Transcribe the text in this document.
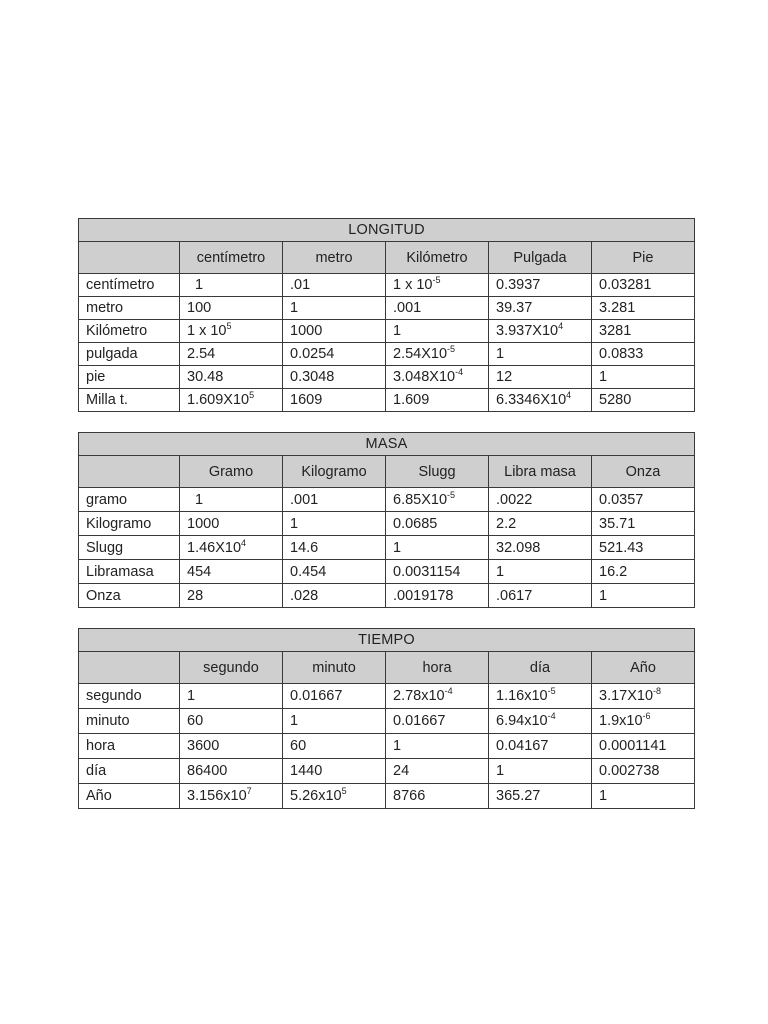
LONGITUD					
	centímetro	metro	Kilómetro	Pulgada	Pie
centímetro	1	.01	1 x $10^{-5}$	0.3937	0.03281
metro	100	1	.001	39.37	3.281
Kilómetro	1 x $10^5$	1000	1	$3.937X10^4$	3281
pulgada	2.54	0.0254	$2.54X10^{-5}$	1	0.0833
pie	30.48	0.3048	$3.048X10^{-4}$	12	1
Milla t.	$1.609X10^5$	1609	1.609	$6.3346X10^4$	5280
MASA					
	Gramo	Kilogramo	Slugg	Libra masa	Onza
gramo	1	.001	$6.85X10^{-5}$	.0022	0.0357
Kilogramo	1000	1	0.0685	2.2	35.71
Slugg	$1.46X10^4$	14.6	1	32.098	521.43
Libramasa	454	0.454	0.0031154	1	16.2
Onza	28	.028	.0019178	.0617	1
TIEMPO					
	segundo	minuto	hora	día	Año
segundo	1	0.01667	$2.78x10^{-4}$	$1.16x10^{-5}$	$3.17X10^{-8}$
minuto	60	1	0.01667	$6.94x10^{-4}$	$1.9x10^{-6}$
hora	3600	60	1	0.04167	0.0001141
día	86400	1440	24	1	0.002738
Año	$3.156x10^7$	$5.26x10^5$	8766	365.27	1
